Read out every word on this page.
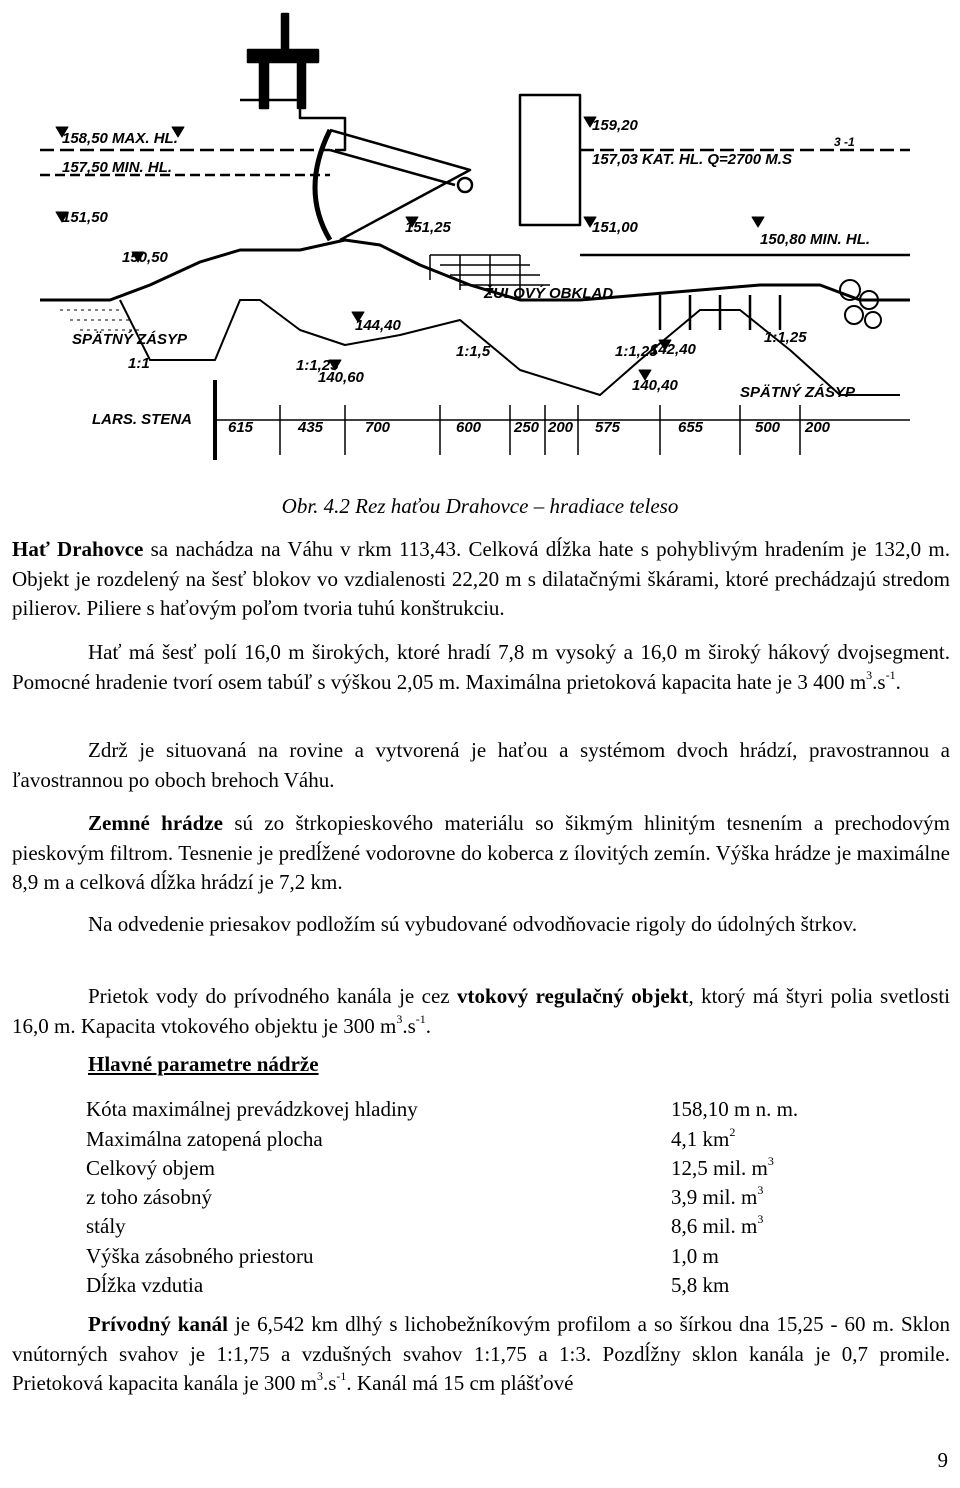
158,50 MAX. HL.
157,50 MIN. HL.
151,50
150,50
SPÄTNÝ ZÁSYP
1:1
LARS. STENA
144,40
1:1,25
140,60
1:1,5
151,25
159,20
157,03 KAT. HL. Q=2700 M.S
3 -1
151,00
150,80 MIN. HL.
ŽULOVÝ OBKLAD
1:1,25
142,40
140,40
1:1,25
SPÄTNÝ ZÁSYP
615	435	700	600 250 200 575	655	500 200
Obr. 4.2 Rez haťou Drahovce – hradiace teleso

Hať Drahovce sa nachádza na Váhu v rkm 113,43. Celková dĺžka hate s pohyblivým hradením je 132,0 m. Objekt je rozdelený na šesť blokov vo vzdialenosti 22,20 m s dilatačnými škárami, ktoré prechádzajú stredom pilierov. Piliere s haťovým poľom tvoria tuhú konštrukciu.

Hať má šesť polí 16,0 m širokých, ktoré hradí 7,8 m vysoký a 16,0 m široký hákový dvojsegment. Pomocné hradenie tvorí osem tabúľ s výškou 2,05 m. Maximálna prietoková kapacita hate je 3 400 $m^3.s^{-1}$.

Zdrž je situovaná na rovine a vytvorená je haťou a systémom dvoch hrádzí, pravostrannou a ľavostrannou po oboch brehoch Váhu.

Zemné hrádze sú zo štrkopieskového materiálu so šikmým hlinitým tesnením a prechodovým pieskovým filtrom. Tesnenie je predĺžené vodorovne do koberca z ílovitých zemín. Výška hrádze je maximálne 8,9 m a celková dĺžka hrádzí je 7,2 km.

Na odvedenie priesakov podložím sú vybudované odvodňovacie rigoly do údolných štrkov.

Prietok vody do prívodného kanála je cez vtokový regulačný objekt, ktorý má štyri polia svetlosti 16,0 m. Kapacita vtokového objektu je 300 $m^3.s^{-1}$.

Hlavné parametre nádrže
Kóta maximálnej prevádzkovej hladiny	158,10 m n. m.
Maximálna zatopená plocha	4,1 $km^2$
Celkový objem	12,5 mil. $m^3$
z toho zásobný	3,9 mil. $m^3$
stály	8,6 mil. $m^3$
Výška zásobného priestoru	1,0 m
Dĺžka vzdutia	5,8 km

Prívodný kanál je 6,542 km dlhý s lichobežníkovým profilom a so šírkou dna 15,25 - 60 m. Sklon vnútorných svahov je 1:1,75 a vzdušných svahov 1:1,75 a 1:3. Pozdĺžny sklon kanála je 0,7 promile. Prietoková kapacita kanála je 300 $m^3.s^{-1}$. Kanál má 15 cm plášťové

9
